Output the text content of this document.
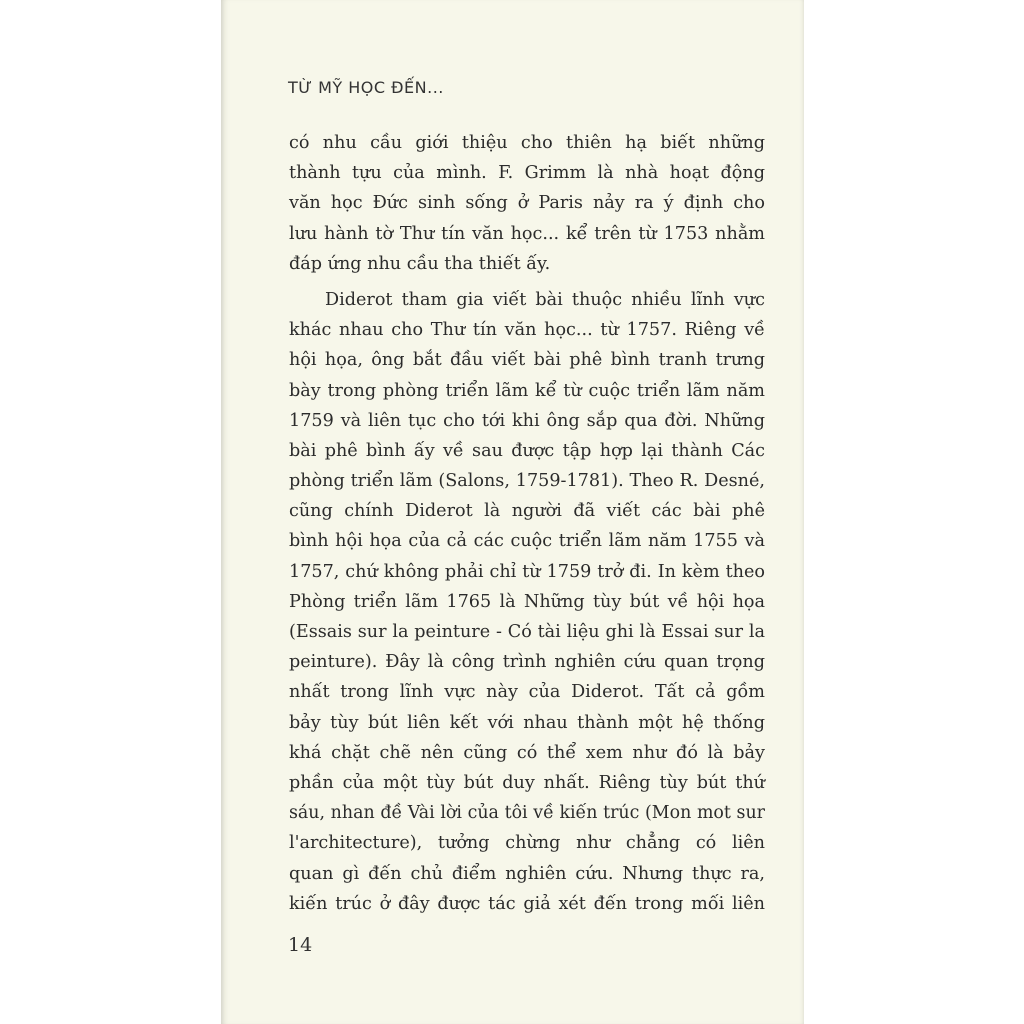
TỪ MỸ HỌC ĐẾN...
có nhu cầu giới thiệu cho thiên hạ biết những
thành tựu của mình. F. Grimm là nhà hoạt động
văn học Đức sinh sống ở Paris nảy ra ý định cho
lưu hành tờ Thư tín văn học... kể trên từ 1753 nhằm
đáp ứng nhu cầu tha thiết ấy.
Diderot tham gia viết bài thuộc nhiều lĩnh vực
khác nhau cho Thư tín văn học... từ 1757. Riêng về
hội họa, ông bắt đầu viết bài phê bình tranh trưng
bày trong phòng triển lãm kể từ cuộc triển lãm năm
1759 và liên tục cho tới khi ông sắp qua đời. Những
bài phê bình ấy về sau được tập hợp lại thành Các
phòng triển lãm (Salons, 1759-1781). Theo R. Desné,
cũng chính Diderot là người đã viết các bài phê
bình hội họa của cả các cuộc triển lãm năm 1755 và
1757, chứ không phải chỉ từ 1759 trở đi. In kèm theo
Phòng triển lãm 1765 là Những tùy bút về hội họa
(Essais sur la peinture - Có tài liệu ghi là Essai sur la
peinture). Đây là công trình nghiên cứu quan trọng
nhất trong lĩnh vực này của Diderot. Tất cả gồm
bảy tùy bút liên kết với nhau thành một hệ thống
khá chặt chẽ nên cũng có thể xem như đó là bảy
phần của một tùy bút duy nhất. Riêng tùy bút thứ
sáu, nhan đề Vài lời của tôi về kiến trúc (Mon mot sur
l'architecture), tưởng chừng như chẳng có liên
quan gì đến chủ điểm nghiên cứu. Nhưng thực ra,
kiến trúc ở đây được tác giả xét đến trong mối liên
14
